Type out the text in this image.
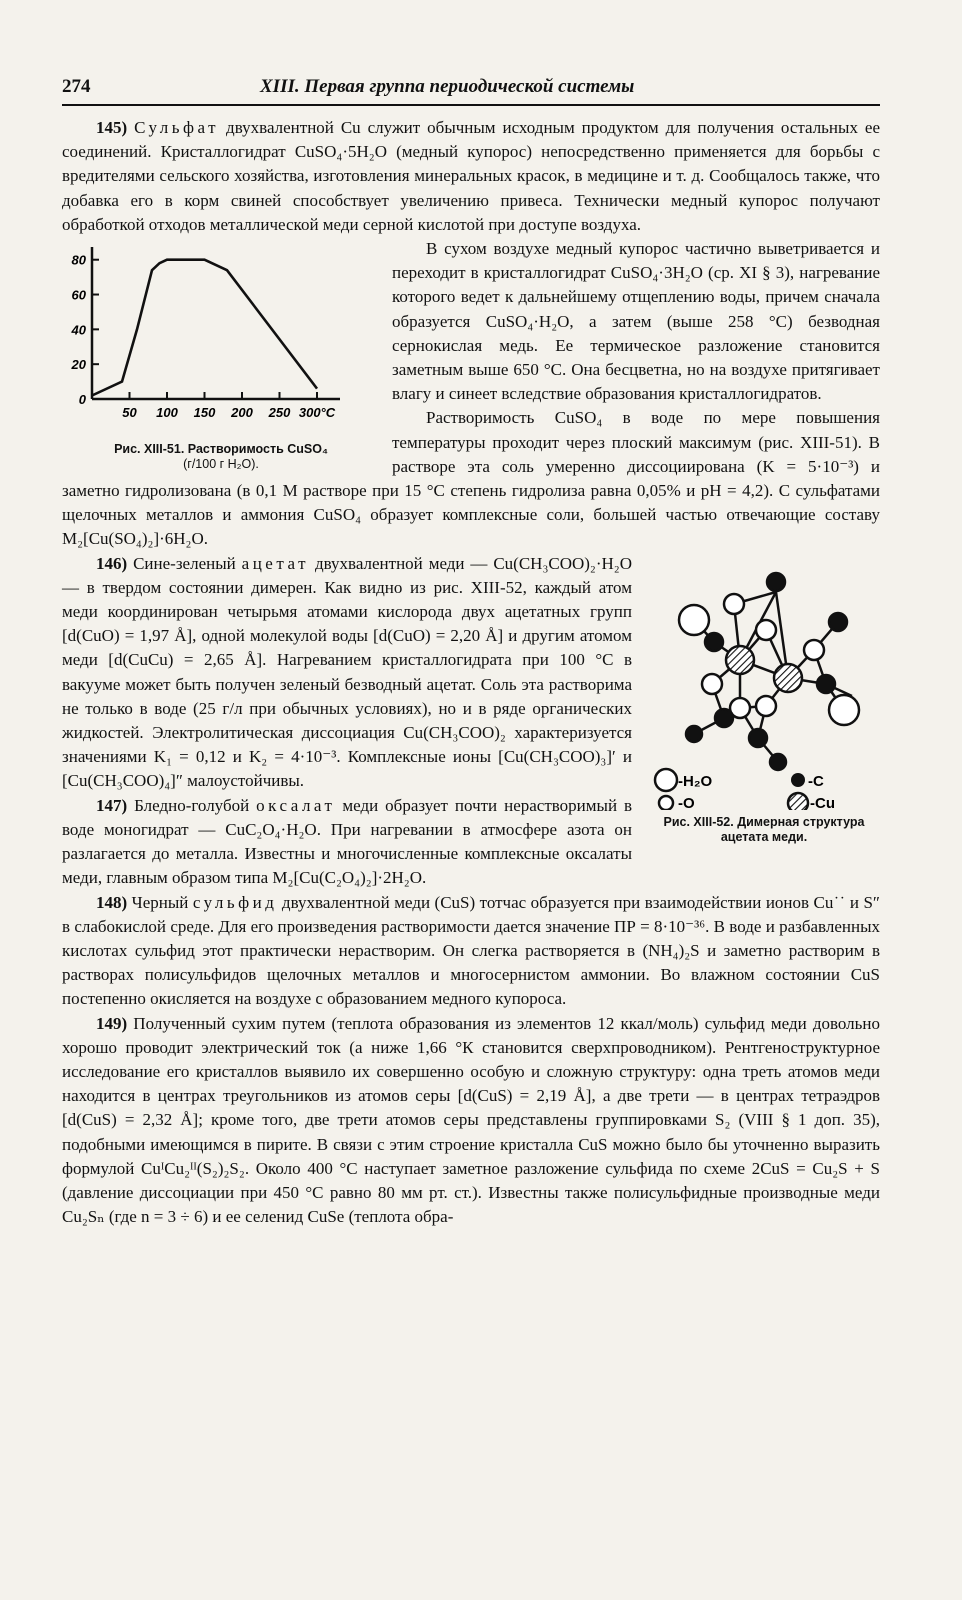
274	XIII. Первая группа периодической системы

145) Сульфат двухвалентной Cu служит обычным исходным продуктом для получения остальных ее соединений. Кристаллогидрат CuSO₄·5H₂O (медный купорос) непосредственно применяется для борьбы с вредителями сельского хозяйства, изготовления минеральных красок, в медицине и т. д. Сообщалось также, что добавка его в корм свиней способствует увеличению привеса. Технически медный купорос получают обработкой отходов металлической меди серной кислотой при доступе воздуха.

0
20
40
60
80
50 100 150 200 250 300°С
Рис. XIII-51. Растворимость CuSO₄
(г/100 г H₂O).

В сухом воздухе медный купорос частично выветривается и переходит в кристаллогидрат CuSO₄·3H₂O (ср. XI § 3), нагревание которого ведет к дальнейшему отщеплению воды, причем сначала образуется CuSO₄·H₂O, а затем (выше 258 °С) безводная сернокислая медь. Ее термическое разложение становится заметным выше 650 °С. Она бесцветна, но на воздухе притягивает влагу и синеет вследствие образования кристаллогидратов.

Растворимость CuSO₄ в воде по мере повышения температуры проходит через плоский максимум (рис. XIII-51). В растворе эта соль умеренно диссоциирована (K = 5·10⁻³) и заметно гидролизована (в 0,1 M растворе при 15 °С степень гидролиза равна 0,05% и pH = 4,2). С сульфатами щелочных металлов и аммония CuSO₄ образует комплексные соли, большей частью отвечающие составу M₂[Cu(SO₄)₂]·6H₂O.

-H₂O
-O
-C
-Cu
Рис. XIII-52. Димерная структура ацетата меди.

146) Сине-зеленый ацетат двухвалентной меди — Cu(CH₃COO)₂·H₂O — в твердом состоянии димерен. Как видно из рис. XIII-52, каждый атом меди координирован четырьмя атомами кислорода двух ацетатных групп [d(CuO) = 1,97 Å], одной молекулой воды [d(CuO) = 2,20 Å] и другим атомом меди [d(CuCu) = 2,65 Å]. Нагреванием кристаллогидрата при 100 °С в вакууме может быть получен зеленый безводный ацетат. Соль эта растворима не только в воде (25 г/л при обычных условиях), но и в ряде органических жидкостей. Электролитическая диссоциация Cu(CH₃COO)₂ характеризуется значениями K₁ = 0,12 и K₂ = 4·10⁻³. Комплексные ионы [Cu(CH₃COO)₃]′ и [Cu(CH₃COO)₄]″ малоустойчивы.

147) Бледно-голубой оксалат меди образует почти нерастворимый в воде моногидрат — CuC₂O₄·H₂O. При нагревании в атмосфере азота он разлагается до металла. Известны и многочисленные комплексные оксалаты меди, главным образом типа M₂[Cu(C₂O₄)₂]·2H₂O.

148) Черный сульфид двухвалентной меди (CuS) тотчас образуется при взаимодействии ионов Cu˙˙ и S″ в слабокислой среде. Для его произведения растворимости дается значение ПР = 8·10⁻³⁶. В воде и разбавленных кислотах сульфид этот практически нерастворим. Он слегка растворяется в (NH₄)₂S и заметно растворим в растворах полисульфидов щелочных металлов и многосернистом аммонии. Во влажном состоянии CuS постепенно окисляется на воздухе с образованием медного купороса.

149) Полученный сухим путем (теплота образования из элементов 12 ккал/моль) сульфид меди довольно хорошо проводит электрический ток (а ниже 1,66 °К становится сверхпроводником). Рентгеноструктурное исследование его кристаллов выявило их совершенно особую и сложную структуру: одна треть атомов меди находится в центрах треугольников из атомов серы [d(CuS) = 2,19 Å], а две трети — в центрах тетраэдров [d(CuS) = 2,32 Å]; кроме того, две трети атомов серы представлены группировками S₂ (VIII § 1 доп. 35), подобными имеющимся в пирите. В связи с этим строение кристалла CuS можно было бы уточненно выразить формулой CuᴵCu₂ᴵᴵ(S₂)₂S₂. Около 400 °С наступает заметное разложение сульфида по схеме 2CuS = Cu₂S + S (давление диссоциации при 450 °С равно 80 мм рт. ст.). Известны также полисульфидные производные меди Cu₂Sₙ (где n = 3 ÷ 6) и ее селенид CuSe (теплота обра-
